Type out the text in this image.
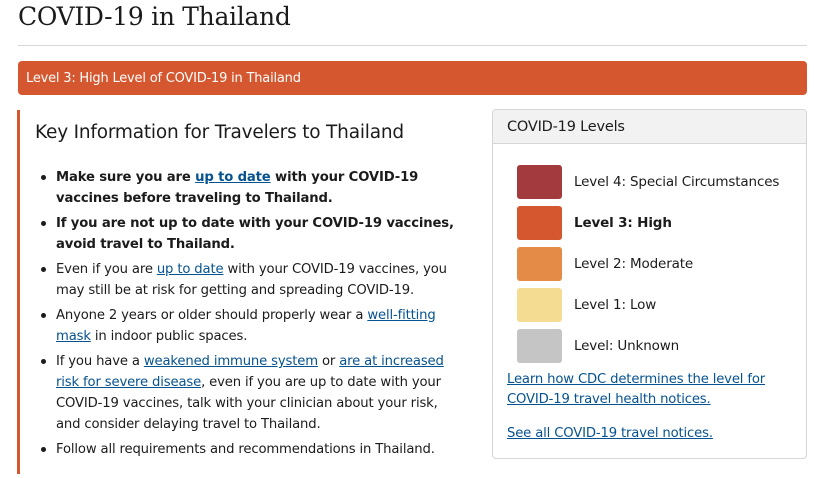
COVID-19 in Thailand
Level 3: High Level of COVID-19 in Thailand
Key Information for Travelers to Thailand
Make sure you are up to date with your COVID-19 vaccines before traveling to Thailand.
If you are not up to date with your COVID-19 vaccines, avoid travel to Thailand.
Even if you are up to date with your COVID-19 vaccines, you may still be at risk for getting and spreading COVID-19.
Anyone 2 years or older should properly wear a well-fitting mask in indoor public spaces.
If you have a weakened immune system or are at increased risk for severe disease, even if you are up to date with your COVID-19 vaccines, talk with your clinician about your risk, and consider delaying travel to Thailand.
Follow all requirements and recommendations in Thailand.
COVID-19 Levels
Level 4: Special Circumstances
Level 3: High
Level 2: Moderate
Level 1: Low
Level: Unknown
Learn how CDC determines the level for COVID-19 travel health notices.
See all COVID-19 travel notices.
